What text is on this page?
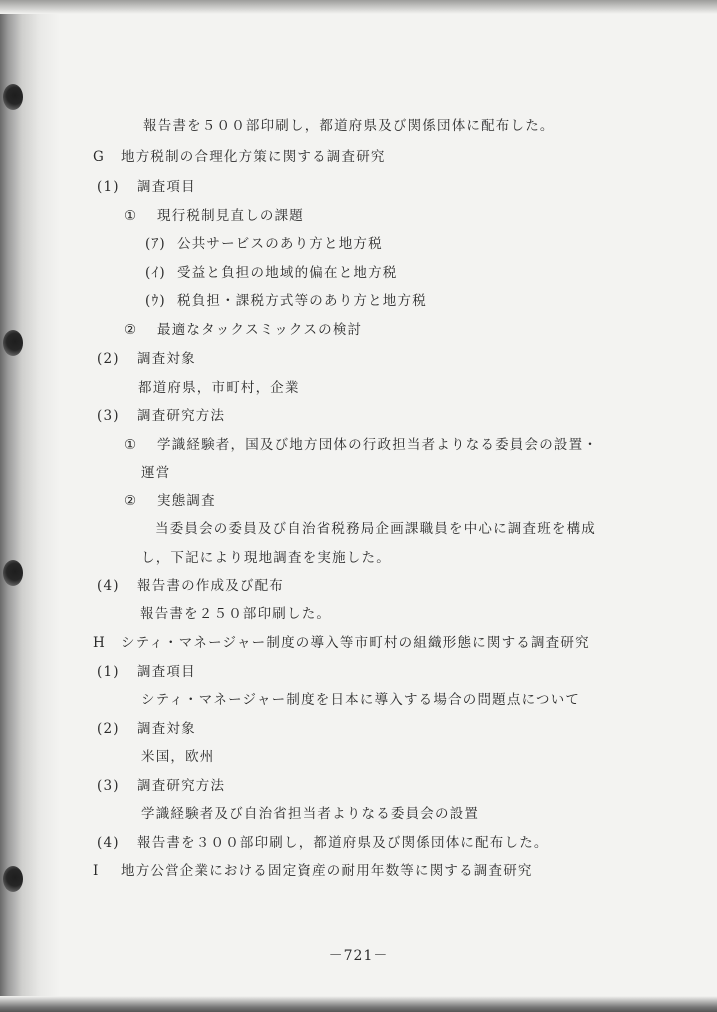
報告書を５００部印刷し，都道府県及び関係団体に配布した。
G 地方税制の合理化方策に関する調査研究
(1) 調査項目
① 現行税制見直しの課題
(ｱ) 公共サービスのあり方と地方税
(ｲ) 受益と負担の地域的偏在と地方税
(ｳ) 税負担・課税方式等のあり方と地方税
② 最適なタックスミックスの検討
(2) 調査対象
都道府県，市町村，企業
(3) 調査研究方法
① 学識経験者，国及び地方団体の行政担当者よりなる委員会の設置・
運営
② 実態調査
当委員会の委員及び自治省税務局企画課職員を中心に調査班を構成
し，下記により現地調査を実施した。
(4) 報告書の作成及び配布
報告書を２５０部印刷した。
H シティ・マネージャー制度の導入等市町村の組織形態に関する調査研究
(1) 調査項目
シティ・マネージャー制度を日本に導入する場合の問題点について
(2) 調査対象
米国，欧州
(3) 調査研究方法
学識経験者及び自治省担当者よりなる委員会の設置
(4) 報告書を３００部印刷し，都道府県及び関係団体に配布した。
I 地方公営企業における固定資産の耐用年数等に関する調査研究
－721－
